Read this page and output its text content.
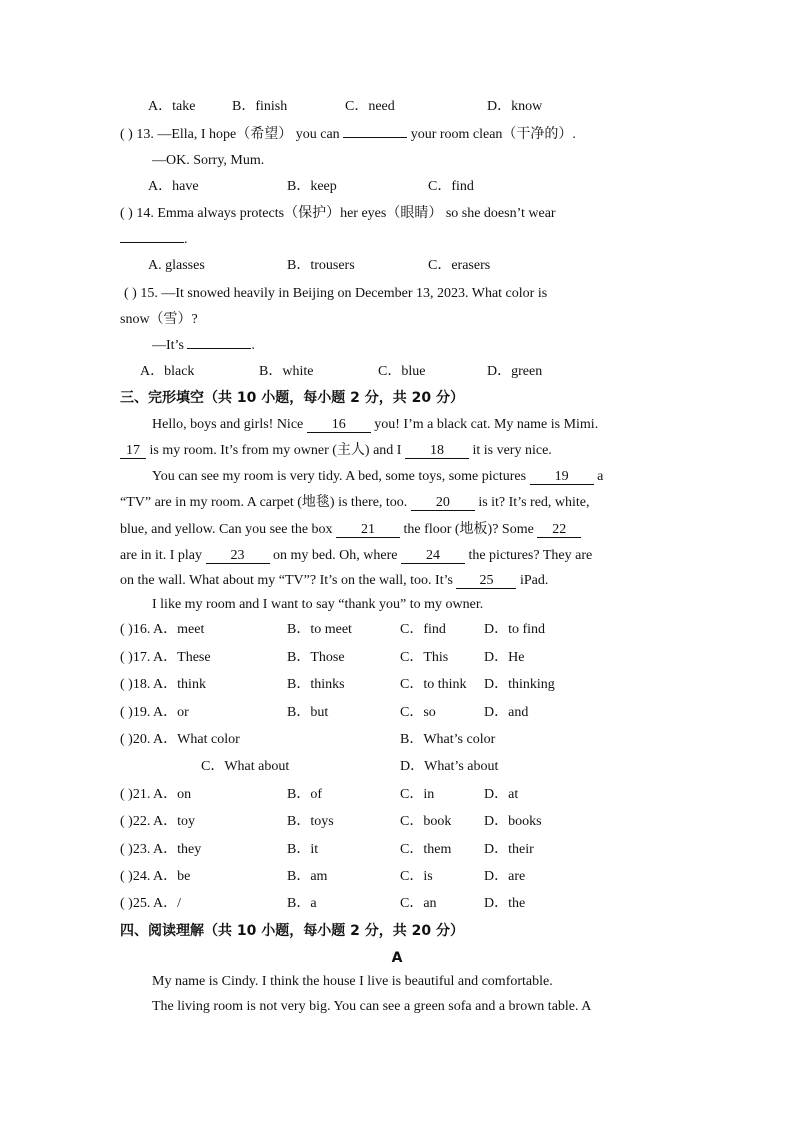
A．take	B．finish	C．need	D．know
( ) 13. —Ella, I hope（希望） you can	your room clean（干净的）.
—OK. Sorry, Mum.
A．have	B．keep	C．find
( ) 14. Emma always protects（保护）her eyes（眼睛） so she doesn’t wear
.
A. glasses	B．trousers	C．erasers
( ) 15. —It snowed heavily in Beijing on December 13, 2023. What color is
snow（雪）?
—It’s	.
A．black	B．white	C．blue	D．green
三、完形填空（共 10 小题，每小题 2 分，共 20 分）
Hello, boys and girls! Nice 16 you! I’m a black cat. My name is Mimi.
17 is my room. It’s from my owner (主人) and I 18 it is very nice.
You can see my room is very tidy. A bed, some toys, some pictures 19 a
“TV” are in my room. A carpet (地毯) is there, too. 20 is it? It’s red, white,
blue, and yellow. Can you see the box 21 the floor (地板)? Some 22
are in it. I play 23 on my bed. Oh, where 24 the pictures? They are
on the wall. What about my “TV”? It’s on the wall, too. It’s 25 iPad.
I like my room and I want to say “thank you” to my owner.
( )16. A．meet	B．to meet	C．find	D．to find
( )17. A．These	B．Those	C．This	D．He
( )18. A．think	B．thinks	C．to think D．thinking
( )19. A．or	B．but	C．so	D．and
( )20. A．What color	B．What’s color
C．What about	D．What’s about
( )21. A．on	B．of	C．in	D．at
( )22. A．toy	B．toys	C．book D．books
( )23. A．they	B．it	C．them D．their
( )24. A．be	B．am	C．is	D．are
( )25. A．/	B．a	C．an	D．the
四、阅读理解（共 10 小题，每小题 2 分，共 20 分）
A
My name is Cindy. I think the house I live is beautiful and comfortable.
The living room is not very big. You can see a green sofa and a brown table. A
